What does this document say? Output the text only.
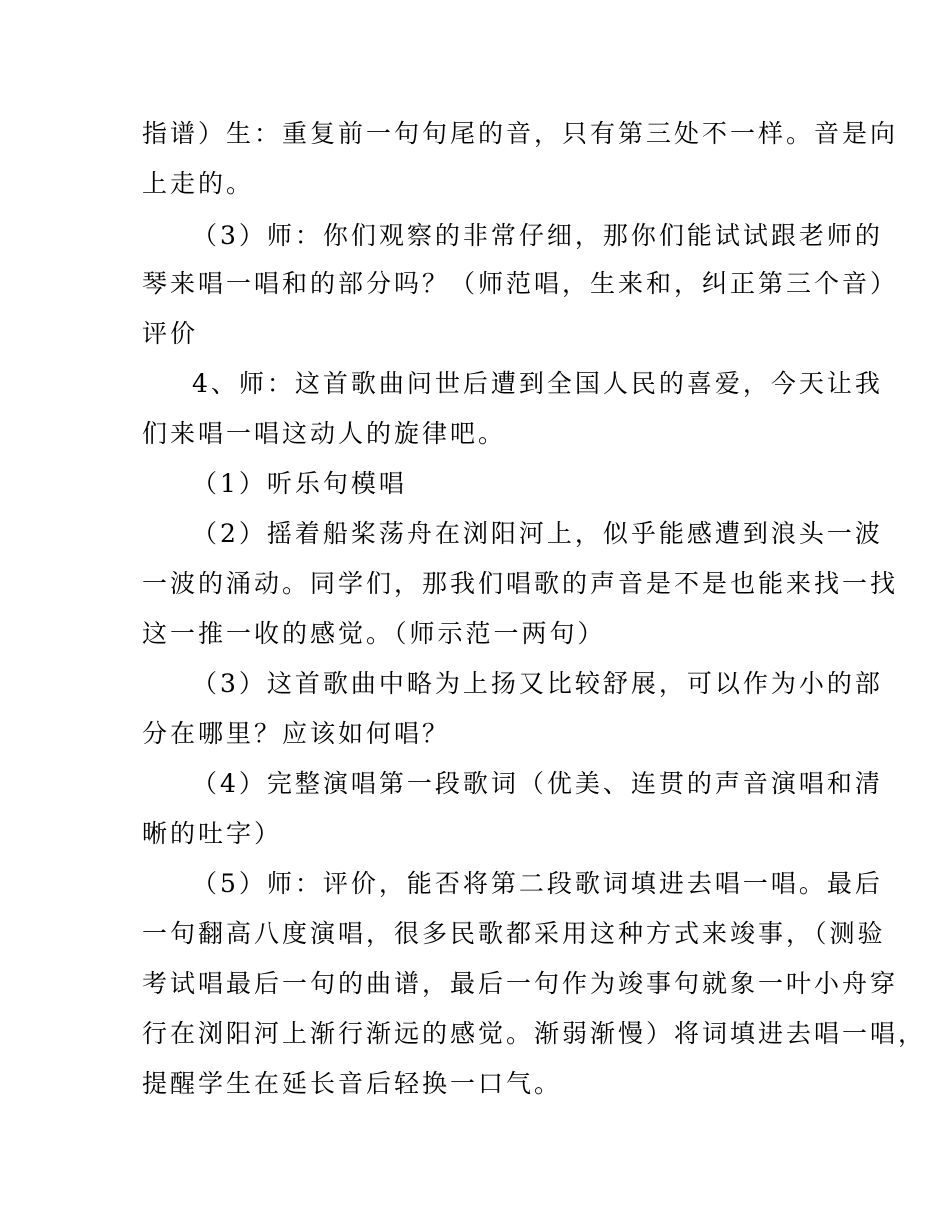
指谱）生：重复前一句句尾的音，只有第三处不一样。音是向

上走的。

（3）师：你们观察的非常仔细，那你们能试试跟老师的

琴来唱一唱和的部分吗？（师范唱，生来和，纠正第三个音）

评价

4、师：这首歌曲问世后遭到全国人民的喜爱，今天让我

们来唱一唱这动人的旋律吧。

（1）听乐句模唱

（2）摇着船桨荡舟在浏阳河上，似乎能感遭到浪头一波

一波的涌动。同学们，那我们唱歌的声音是不是也能来找一找

这一推一收的感觉。（师示范一两句）

（3）这首歌曲中略为上扬又比较舒展，可以作为小的部

分在哪里？应该如何唱？

（4）完整演唱第一段歌词（优美、连贯的声音演唱和清

晰的吐字）

（5）师：评价，能否将第二段歌词填进去唱一唱。最后

一句翻高八度演唱，很多民歌都采用这种方式来竣事，（测验

考试唱最后一句的曲谱，最后一句作为竣事句就象一叶小舟穿

行在浏阳河上渐行渐远的感觉。渐弱渐慢）将词填进去唱一唱，

提醒学生在延长音后轻换一口气。
